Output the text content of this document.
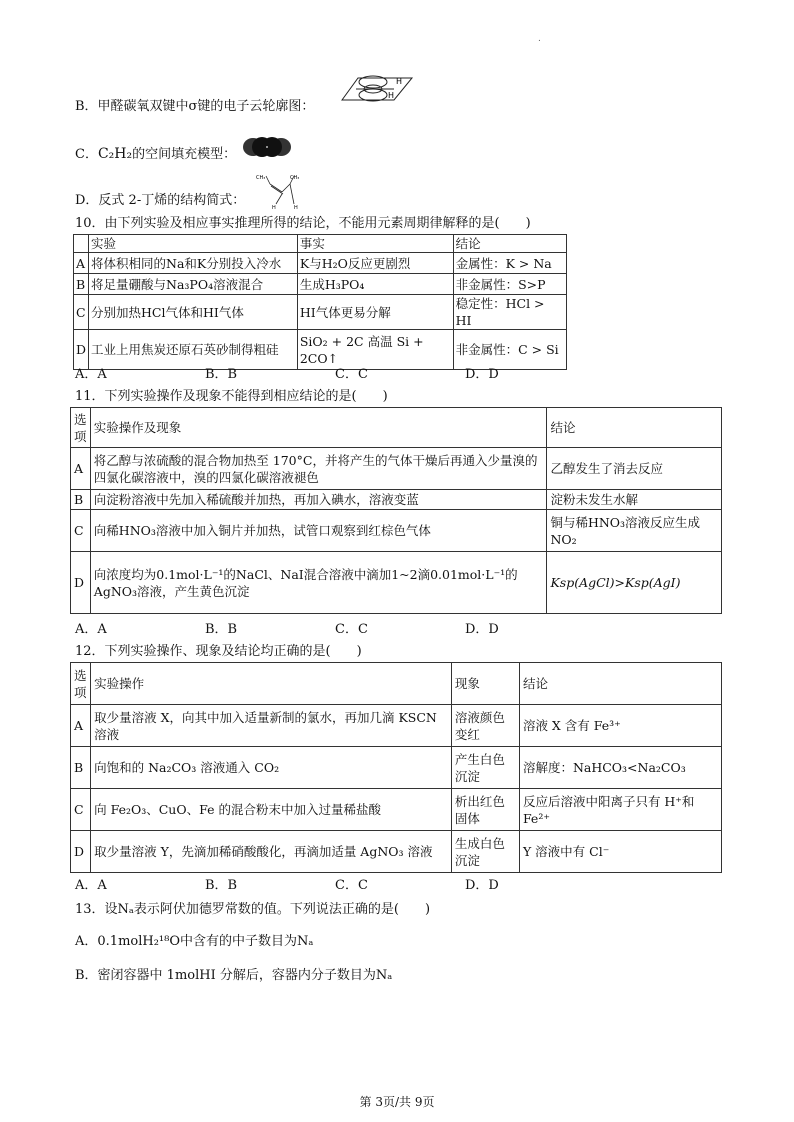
.
B．甲醛碳氧双键中σ键的电子云轮廓图：
H
H
C．C₂H₂的空间填充模型：
D．反式 2-丁烯的结构简式：
CH₃	CH₃
H	H
10．由下列实验及相应事实推理所得的结论，不能用元素周期律解释的是(　　)
	实验	事实	结论
A	将体积相同的Na和K分别投入冷水	K与H₂O反应更剧烈	金属性：K > Na
B	将足量硼酸与Na₃PO₄溶液混合	生成H₃PO₄	非金属性：S>P
C	分别加热HCl气体和HI气体	HI气体更易分解	稳定性：HCl > HI
D	工业上用焦炭还原石英砂制得粗硅	SiO₂ + 2C 高温 Si + 2CO↑	非金属性：C > Si
A．A	B．B	C．C	D．D
11．下列实验操作及现象不能得到相应结论的是(　　)
选项	实验操作及现象	结论
A	将乙醇与浓硫酸的混合物加热至 170°C，并将产生的气体干燥后再通入少量溴的四氯化碳溶液中，溴的四氯化碳溶液褪色	乙醇发生了消去反应
B	向淀粉溶液中先加入稀硫酸并加热，再加入碘水，溶液变蓝	淀粉未发生水解
C	向稀HNO₃溶液中加入铜片并加热，试管口观察到红棕色气体	铜与稀HNO₃溶液反应生成NO₂
D	向浓度均为0.1mol·L⁻¹的NaCl、NaI混合溶液中滴加1~2滴0.01mol·L⁻¹的AgNO₃溶液，产生黄色沉淀	Ksp(AgCl)>Ksp(AgI)
A．A	B．B	C．C	D．D
12．下列实验操作、现象及结论均正确的是(　　)
选项	实验操作	现象	结论
A	取少量溶液 X，向其中加入适量新制的氯水，再加几滴 KSCN 溶液	溶液颜色变红	溶液 X 含有 Fe³⁺
B	向饱和的 Na₂CO₃ 溶液通入 CO₂	产生白色沉淀	溶解度：NaHCO₃<Na₂CO₃
C	向 Fe₂O₃、CuO、Fe 的混合粉末中加入过量稀盐酸	析出红色固体	反应后溶液中阳离子只有 H⁺和 Fe²⁺
D	取少量溶液 Y，先滴加稀硝酸酸化，再滴加适量 AgNO₃ 溶液	生成白色沉淀	Y 溶液中有 Cl⁻
A．A	B．B	C．C	D．D
13．设Nₐ表示阿伏加德罗常数的值。下列说法正确的是(　　)
A．0.1molH₂¹⁸O中含有的中子数目为Nₐ
B．密闭容器中 1molHI 分解后，容器内分子数目为Nₐ
第 3页/共 9页
